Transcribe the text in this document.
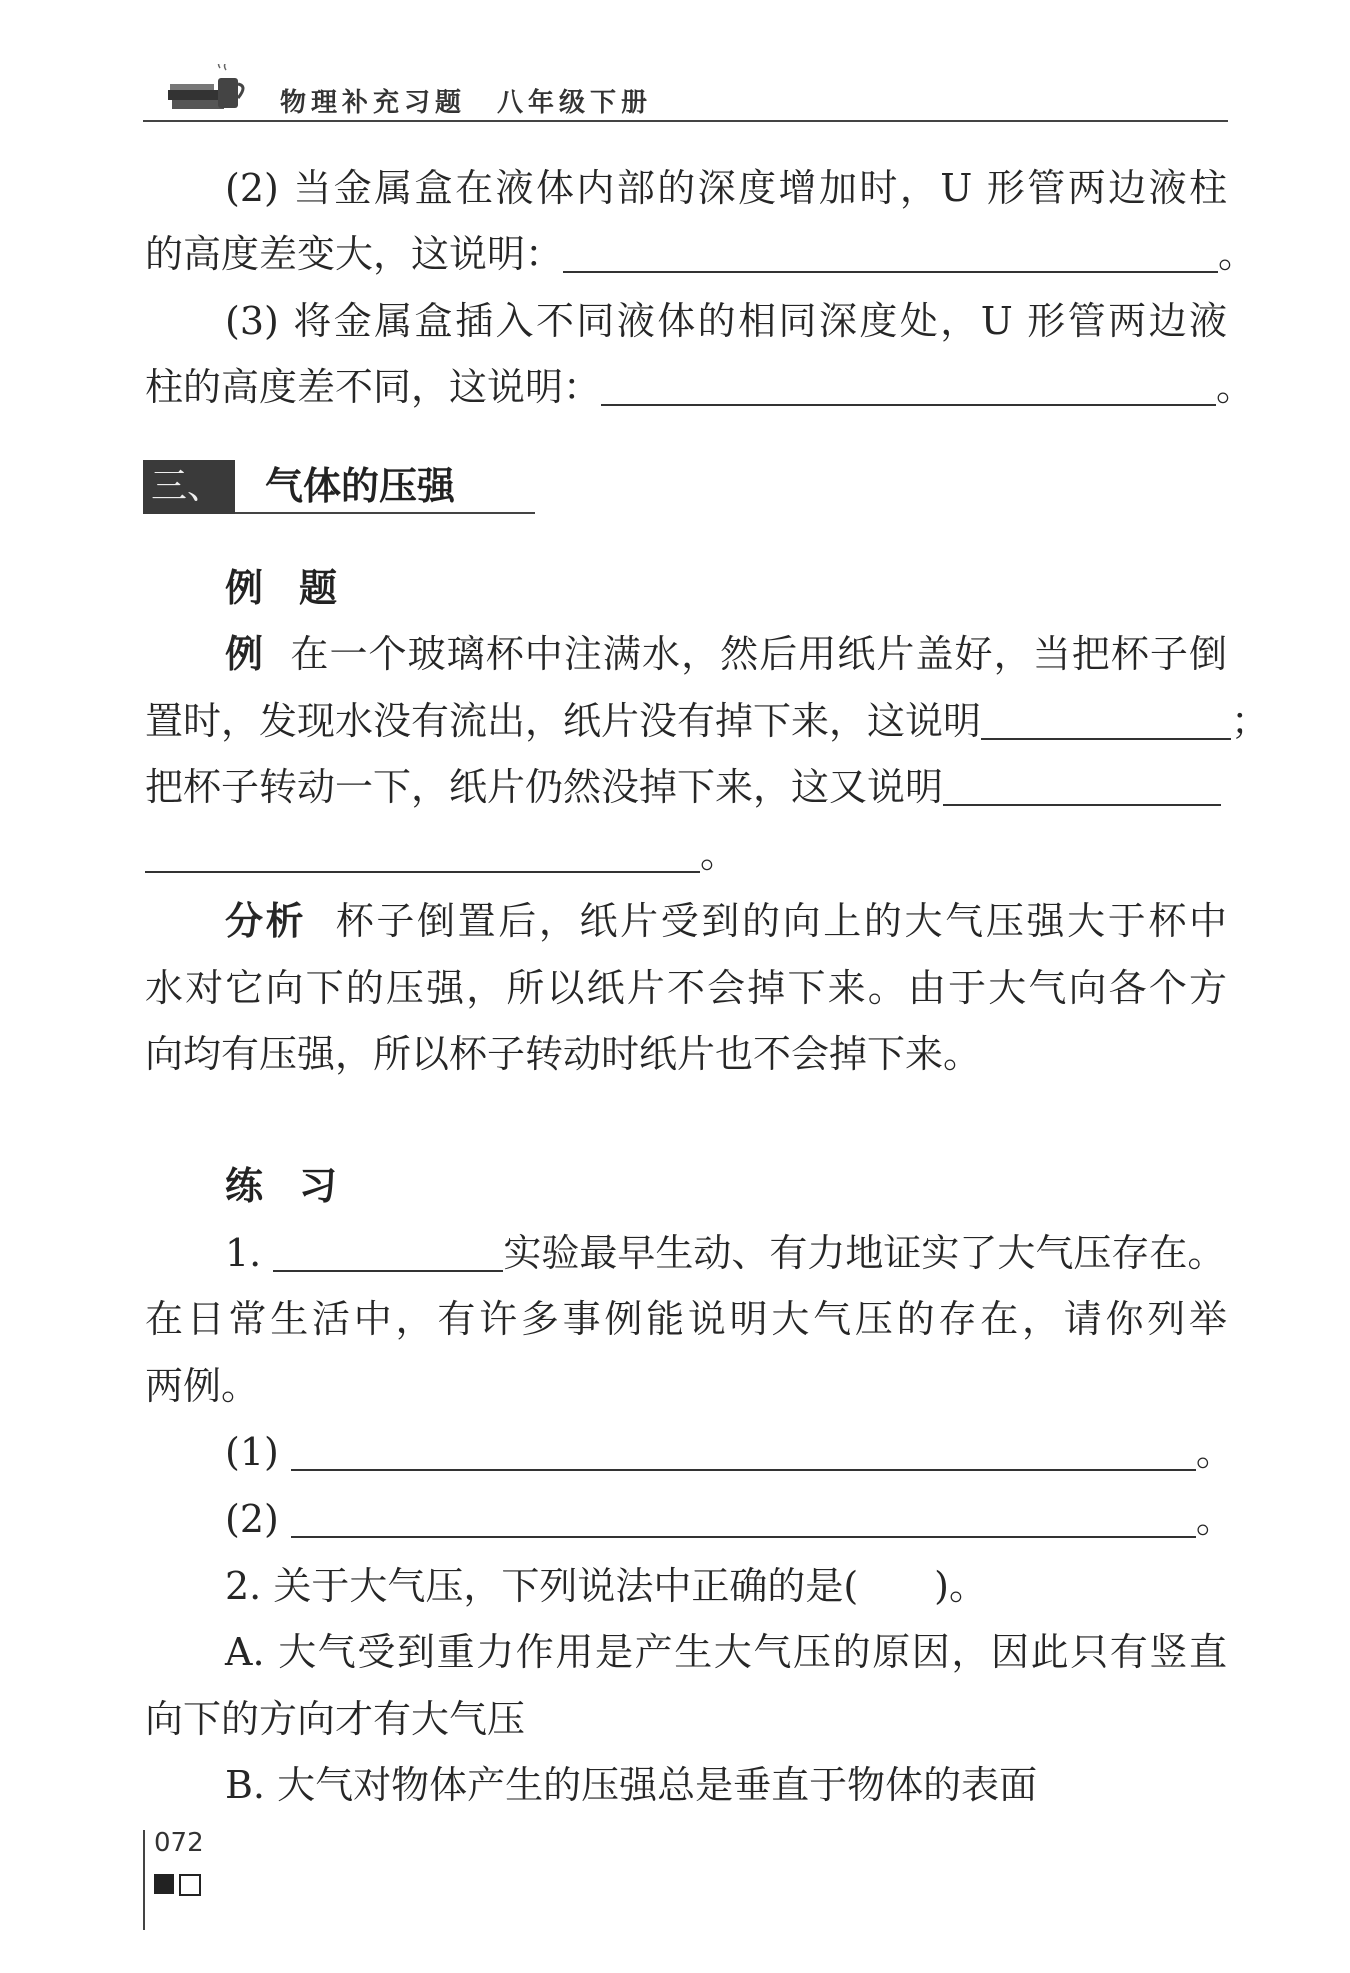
物理补充习题　八年级下册
(2) 当金属盒在液体内部的深度增加时，U 形管两边液柱
的高度差变大，这说明：	。
(3) 将金属盒插入不同液体的相同深度处，U 形管两边液
柱的高度差不同，这说明：	。
三、	气体的压强
例题
例 在一个玻璃杯中注满水，然后用纸片盖好，当把杯子倒
置时，发现水没有流出，纸片没有掉下来，这说明	；
把杯子转动一下，纸片仍然没掉下来，这又说明
。
分析 杯子倒置后，纸片受到的向上的大气压强大于杯中
水对它向下的压强，所以纸片不会掉下来。由于大气向各个方
向均有压强，所以杯子转动时纸片也不会掉下来。
练习
1.	实验最早生动、有力地证实了大气压存在。
在日常生活中，有许多事例能说明大气压的存在，请你列举
两例。
(1)	。
(2)	。
2. 关于大气压，下列说法中正确的是(　　)。
A. 大气受到重力作用是产生大气压的原因，因此只有竖直
向下的方向才有大气压
B. 大气对物体产生的压强总是垂直于物体的表面
072
